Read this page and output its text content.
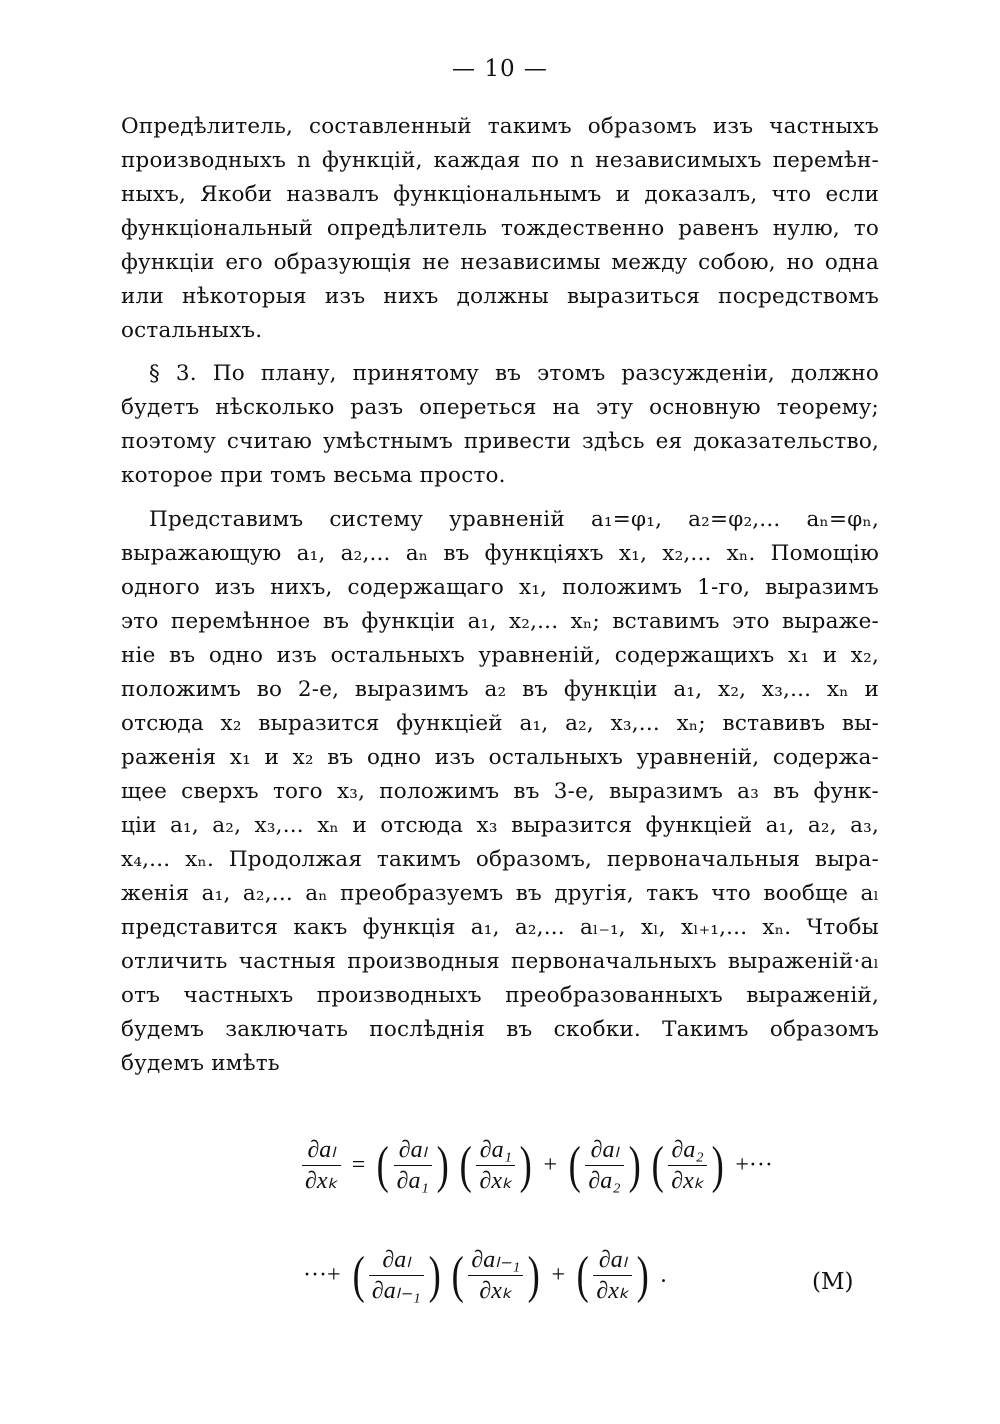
— 10 —
Опредѣлитель, составленный такимъ образомъ изъ частныхъ
производныхъ n функцій, каждая по n независимыхъ перемѣн-
ныхъ, Якоби назвалъ функціональнымъ и доказалъ, что если
функціональный опредѣлитель тождественно равенъ нулю, то
функціи его образующія не независимы между собою, но одна
или нѣкоторыя изъ нихъ должны выразиться посредствомъ
остальныхъ.
§ 3. По плану, принятому въ этомъ разсужденіи, должно
будетъ нѣсколько разъ опереться на эту основную теорему;
поэтому считаю умѣстнымъ привести здѣсь ея доказательство,
которое при томъ весьма просто.
Представимъ систему уравненій a₁=φ₁, a₂=φ₂,... aₙ=φₙ,
выражающую a₁, a₂,... aₙ въ функціяхъ x₁, x₂,... xₙ. Помощію
одного изъ нихъ, содержащаго x₁, положимъ 1-го, выразимъ
это перемѣнное въ функціи a₁, x₂,... xₙ; вставимъ это выраже-
ніе въ одно изъ остальныхъ уравненій, содержащихъ x₁ и x₂,
положимъ во 2-е, выразимъ a₂ въ функціи a₁, x₂, x₃,... xₙ и
отсюда x₂ выразится функціей a₁, a₂, x₃,... xₙ; вставивъ вы-
раженія x₁ и x₂ въ одно изъ остальныхъ уравненій, содержа-
щее сверхъ того x₃, положимъ въ 3-е, выразимъ a₃ въ функ-
ціи a₁, a₂, x₃,... xₙ и отсюда x₃ выразится функціей a₁, a₂, a₃,
x₄,... xₙ. Продолжая такимъ образомъ, первоначальныя выра-
женія a₁, a₂,... aₙ преобразуемъ въ другія, такъ что вообще aₗ
представится какъ функція a₁, a₂,... aₗ₋₁, xₗ, xₗ₊₁,... xₙ. Чтобы
отличить частныя производныя первоначальныхъ выраженій·aₗ
отъ частныхъ производныхъ преобразованныхъ выраженій,
будемъ заключать послѣднія въ скобки. Такимъ образомъ
будемъ имѣть
$\frac{\text{∂aₗ}}{\text{∂xₖ}}$ = ( $\frac{\text{∂aₗ}}{\text{∂a₁}}$ )
( $\frac{\text{∂a₁}}{\text{∂xₖ}}$ ) + ( $\frac{\text{∂aₗ}}{\text{∂a₂}}$ )
( $\frac{\text{∂a₂}}{\text{∂xₖ}}$ ) +···
···+ ( $\frac{\text{∂aₗ}}{\text{∂aₗ₋₁}}$ )
( $\frac{\text{∂aₗ₋₁}}{\text{∂xₖ}}$ ) + ( $\frac{\text{∂aₗ}}{\text{∂xₖ}}$ ) .	(M)
